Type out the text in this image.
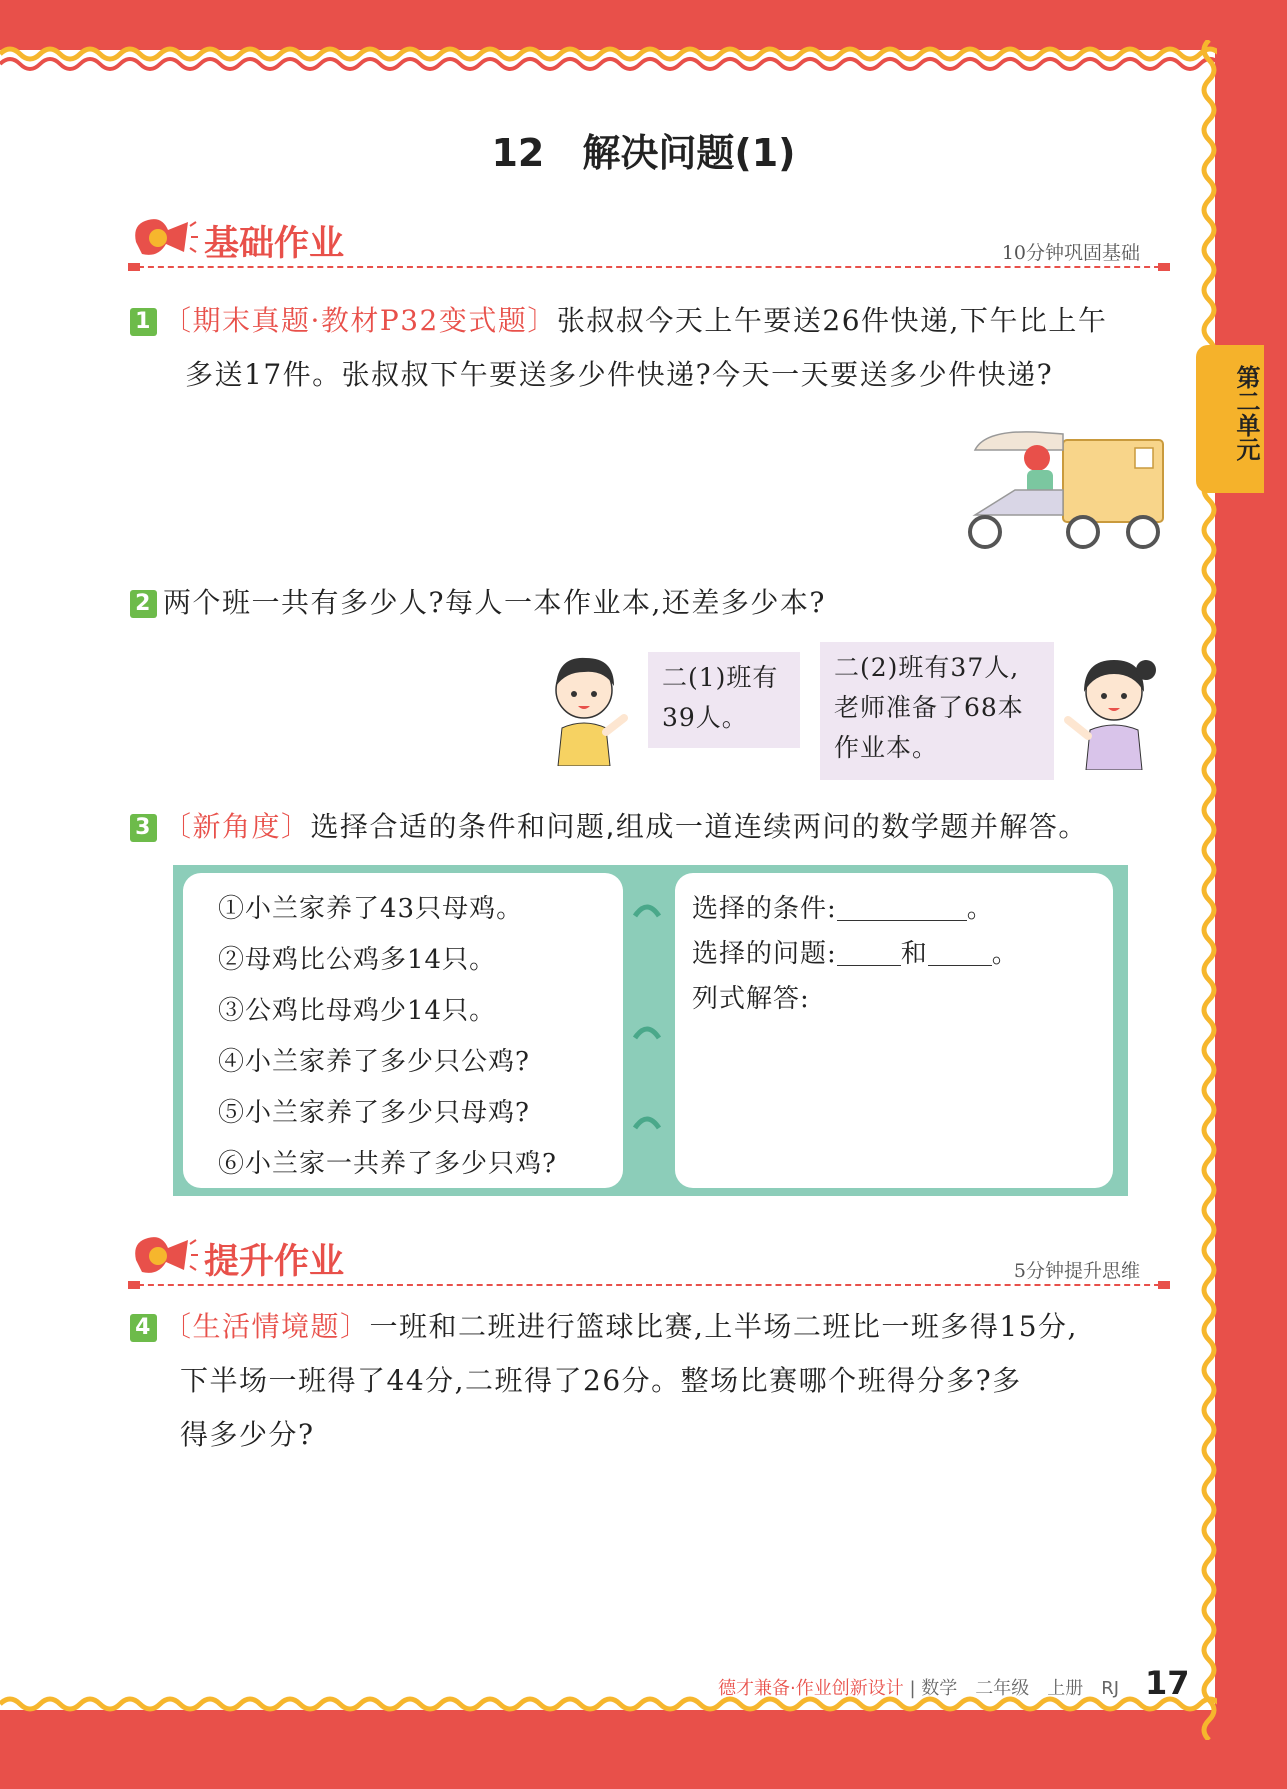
12　解决问题(1)
第二单元
基础作业	10分钟巩固基础
1 〔期末真题·教材P32变式题〕张叔叔今天上午要送26件快递,下午比上午
多送17件。张叔叔下午要送多少件快递?今天一天要送多少件快递?
2 两个班一共有多少人?每人一本作业本,还差多少本?
二(1)班有
39人。
二(2)班有37人,
老师准备了68本
作业本。
3 〔新角度〕选择合适的条件和问题,组成一道连续两问的数学题并解答。
①小兰家养了43只母鸡。
②母鸡比公鸡多14只。
③公鸡比母鸡少14只。
④小兰家养了多少只公鸡?
⑤小兰家养了多少只母鸡?
⑥小兰家一共养了多少只鸡?
选择的条件:	。
选择的问题: 和 。
列式解答:
提升作业	5分钟提升思维
4 〔生活情境题〕一班和二班进行篮球比赛,上半场二班比一班多得15分,
下半场一班得了44分,二班得了26分。整场比赛哪个班得分多?多
得多少分?
德才兼备·作业创新设计 | 数学　二年级　上册　RJ 17
